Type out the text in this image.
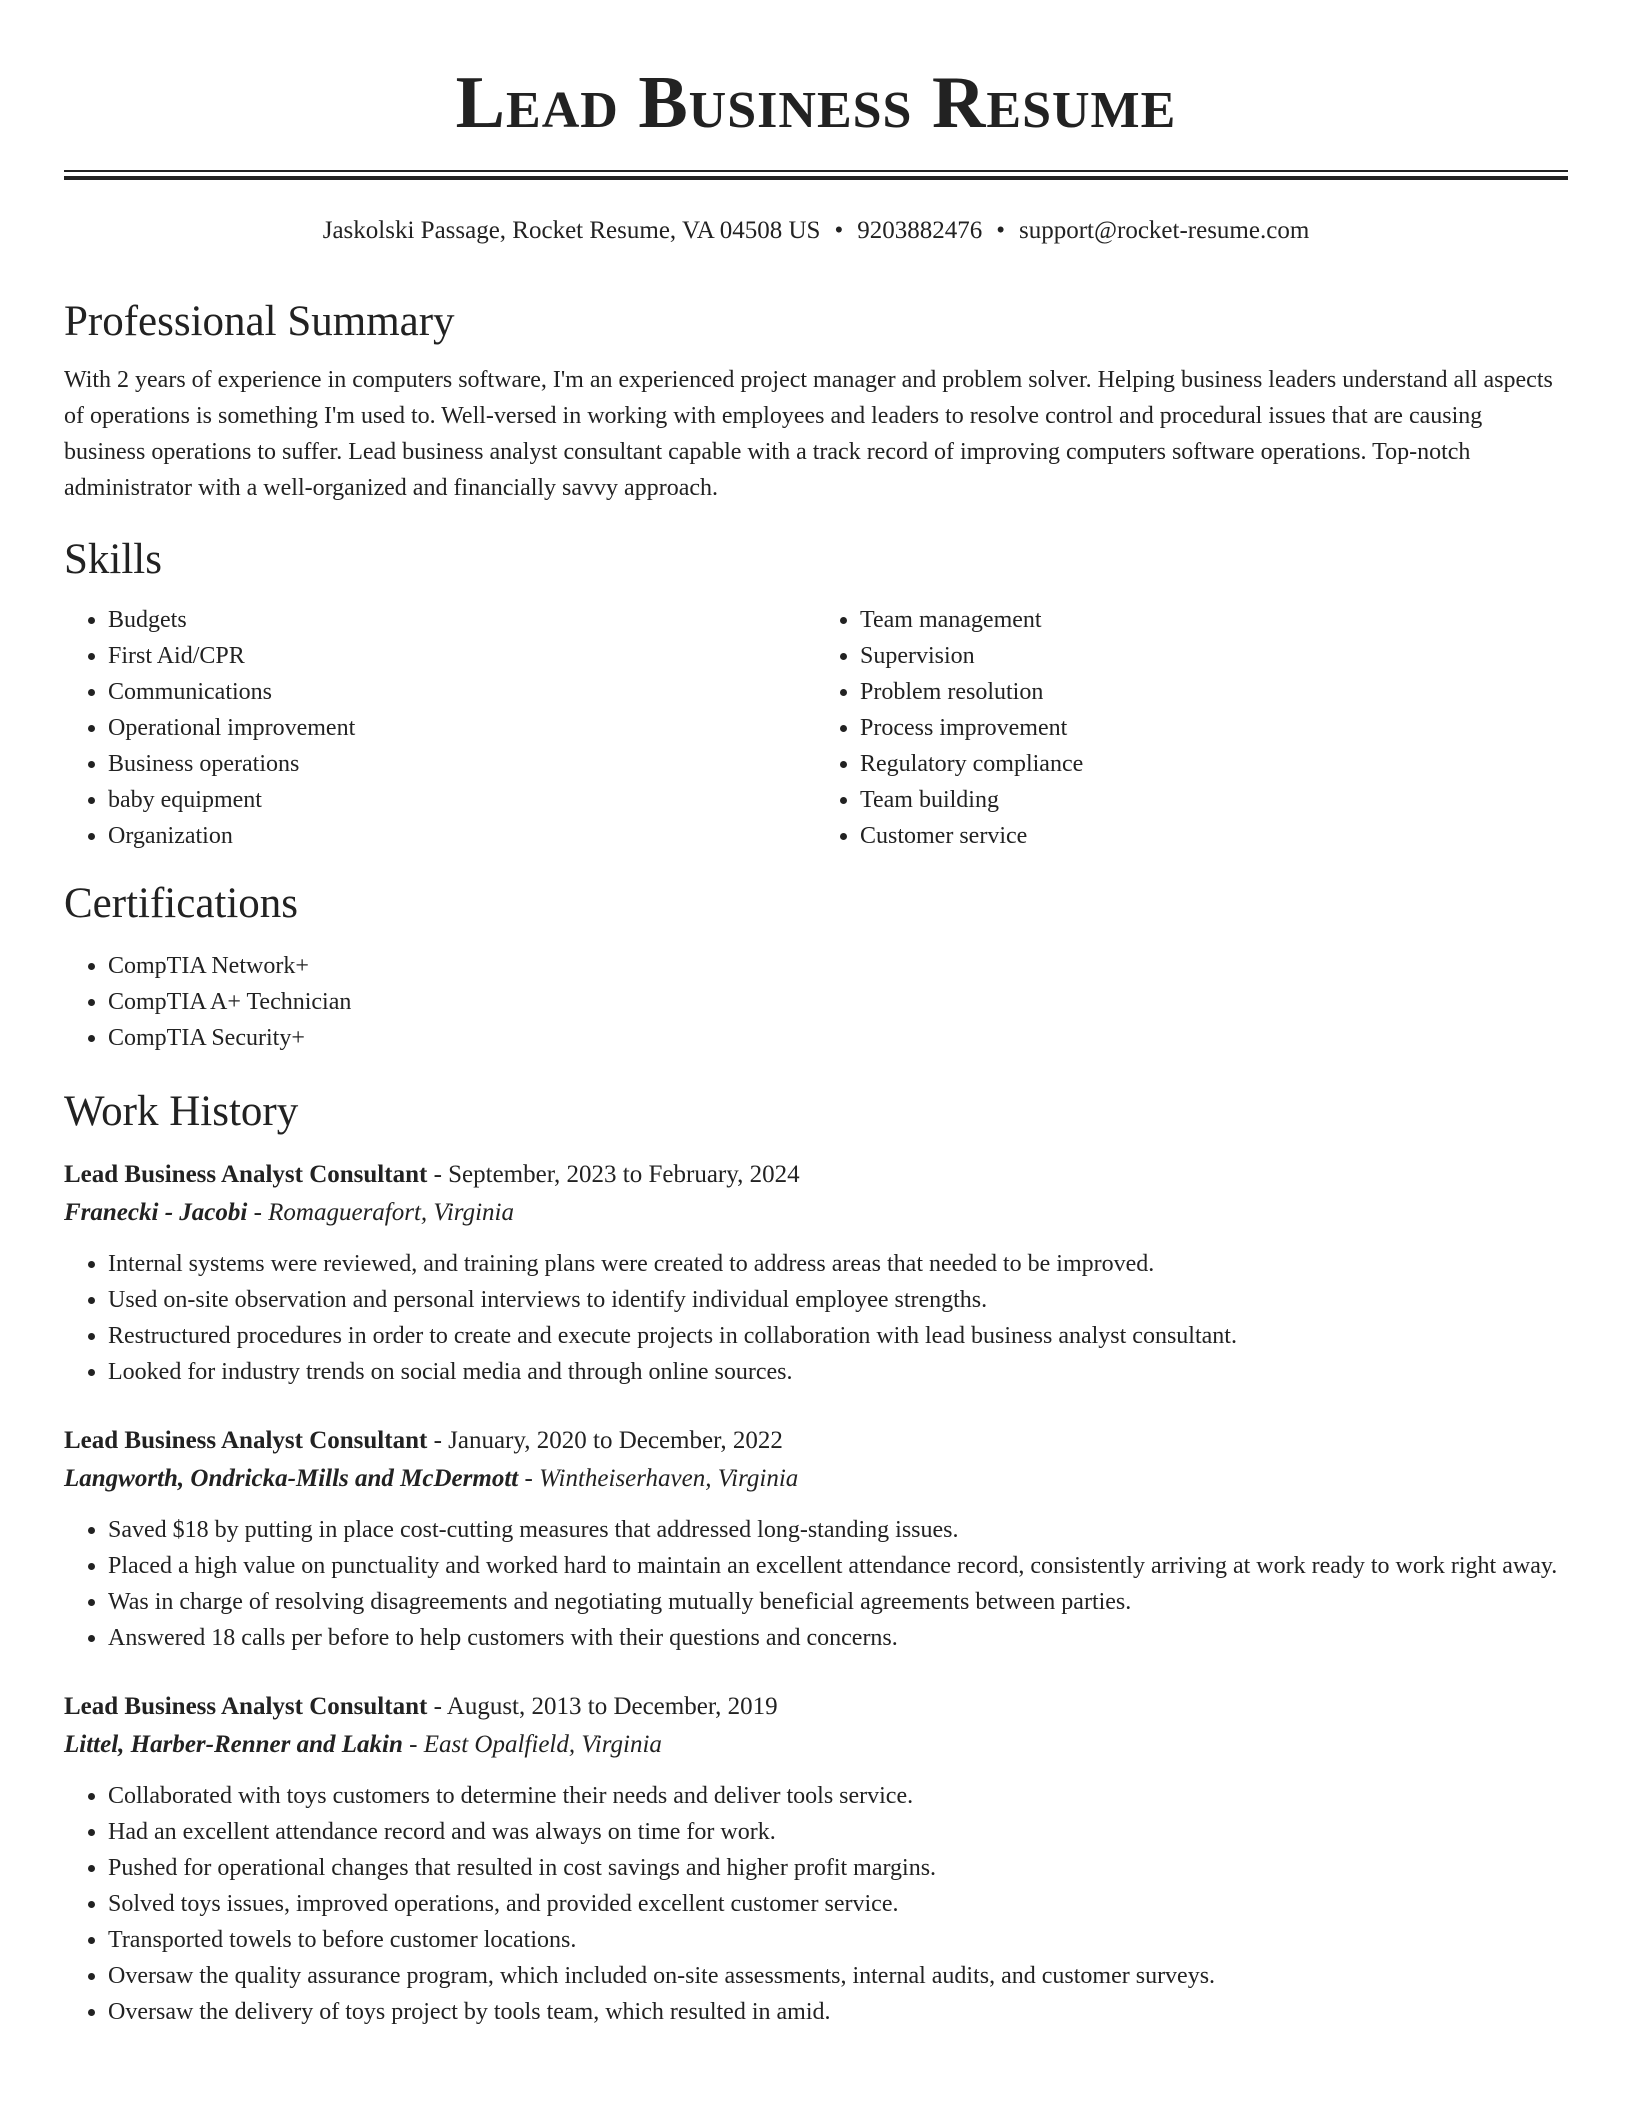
Lead Business Resume
Jaskolski Passage, Rocket Resume, VA 04508 US • 9203882476 • support@rocket-resume.com
Professional Summary

With 2 years of experience in computers software, I'm an experienced project manager and problem solver. Helping business leaders understand all aspects of operations is something I'm used to. Well-versed in working with employees and leaders to resolve control and procedural issues that are causing business operations to suffer. Lead business analyst consultant capable with a track record of improving computers software operations. Top-notch administrator with a well-organized and financially savvy approach.

Skills
• Budgets
• First Aid/CPR
• Communications
• Operational improvement
• Business operations
• baby equipment
• Organization
• Team management
• Supervision
• Problem resolution
• Process improvement
• Regulatory compliance
• Team building
• Customer service
Certifications
• CompTIA Network+
• CompTIA A+ Technician
• CompTIA Security+
Work History
Lead Business Analyst Consultant - September, 2023 to February, 2024
Franecki - Jacobi - Romaguerafort, Virginia
• Internal systems were reviewed, and training plans were created to address areas that needed to be improved.
• Used on-site observation and personal interviews to identify individual employee strengths.
• Restructured procedures in order to create and execute projects in collaboration with lead business analyst consultant.
• Looked for industry trends on social media and through online sources.
Lead Business Analyst Consultant - January, 2020 to December, 2022
Langworth, Ondricka-Mills and McDermott - Wintheiserhaven, Virginia
• Saved $18 by putting in place cost-cutting measures that addressed long-standing issues.
• Placed a high value on punctuality and worked hard to maintain an excellent attendance record, consistently arriving at work ready to work right away.
• Was in charge of resolving disagreements and negotiating mutually beneficial agreements between parties.
• Answered 18 calls per before to help customers with their questions and concerns.
Lead Business Analyst Consultant - August, 2013 to December, 2019
Littel, Harber-Renner and Lakin - East Opalfield, Virginia
• Collaborated with toys customers to determine their needs and deliver tools service.
• Had an excellent attendance record and was always on time for work.
• Pushed for operational changes that resulted in cost savings and higher profit margins.
• Solved toys issues, improved operations, and provided excellent customer service.
• Transported towels to before customer locations.
• Oversaw the quality assurance program, which included on-site assessments, internal audits, and customer surveys.
• Oversaw the delivery of toys project by tools team, which resulted in amid.
